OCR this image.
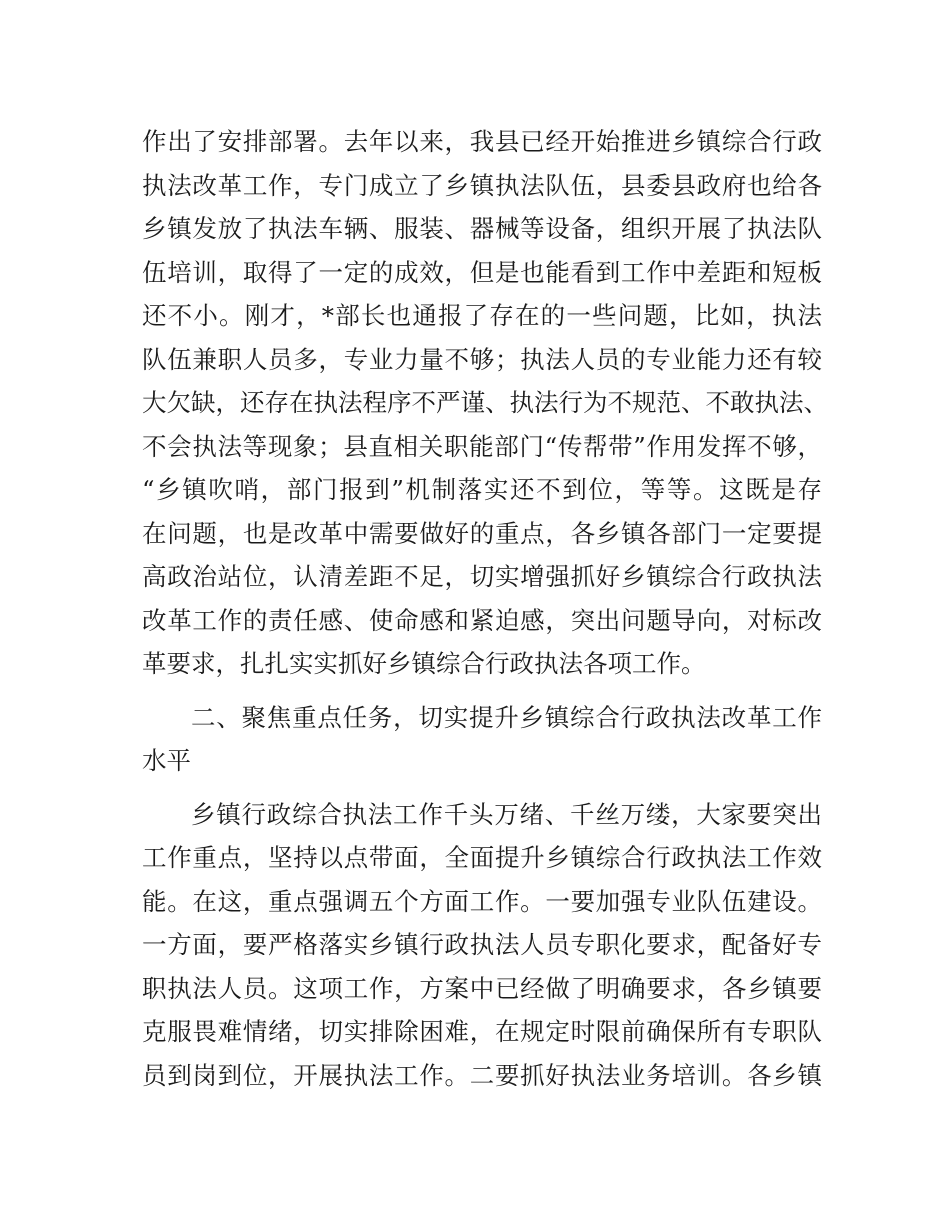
作出了安排部署。去年以来，我县已经开始推进乡镇综合行政
执法改革工作，专门成立了乡镇执法队伍，县委县政府也给各
乡镇发放了执法车辆、服装、器械等设备，组织开展了执法队
伍培训，取得了一定的成效，但是也能看到工作中差距和短板
还不小。刚才，*部长也通报了存在的一些问题，比如，执法
队伍兼职人员多，专业力量不够；执法人员的专业能力还有较
大欠缺，还存在执法程序不严谨、执法行为不规范、不敢执法、
不会执法等现象；县直相关职能部门“传帮带”作用发挥不够，
“乡镇吹哨，部门报到”机制落实还不到位，等等。这既是存
在问题，也是改革中需要做好的重点，各乡镇各部门一定要提
高政治站位，认清差距不足，切实增强抓好乡镇综合行政执法
改革工作的责任感、使命感和紧迫感，突出问题导向，对标改
革要求，扎扎实实抓好乡镇综合行政执法各项工作。
二、聚焦重点任务，切实提升乡镇综合行政执法改革工作
水平
乡镇行政综合执法工作千头万绪、千丝万缕，大家要突出
工作重点，坚持以点带面，全面提升乡镇综合行政执法工作效
能。在这，重点强调五个方面工作。一要加强专业队伍建设。
一方面，要严格落实乡镇行政执法人员专职化要求，配备好专
职执法人员。这项工作，方案中已经做了明确要求，各乡镇要
克服畏难情绪，切实排除困难，在规定时限前确保所有专职队
员到岗到位，开展执法工作。二要抓好执法业务培训。各乡镇
